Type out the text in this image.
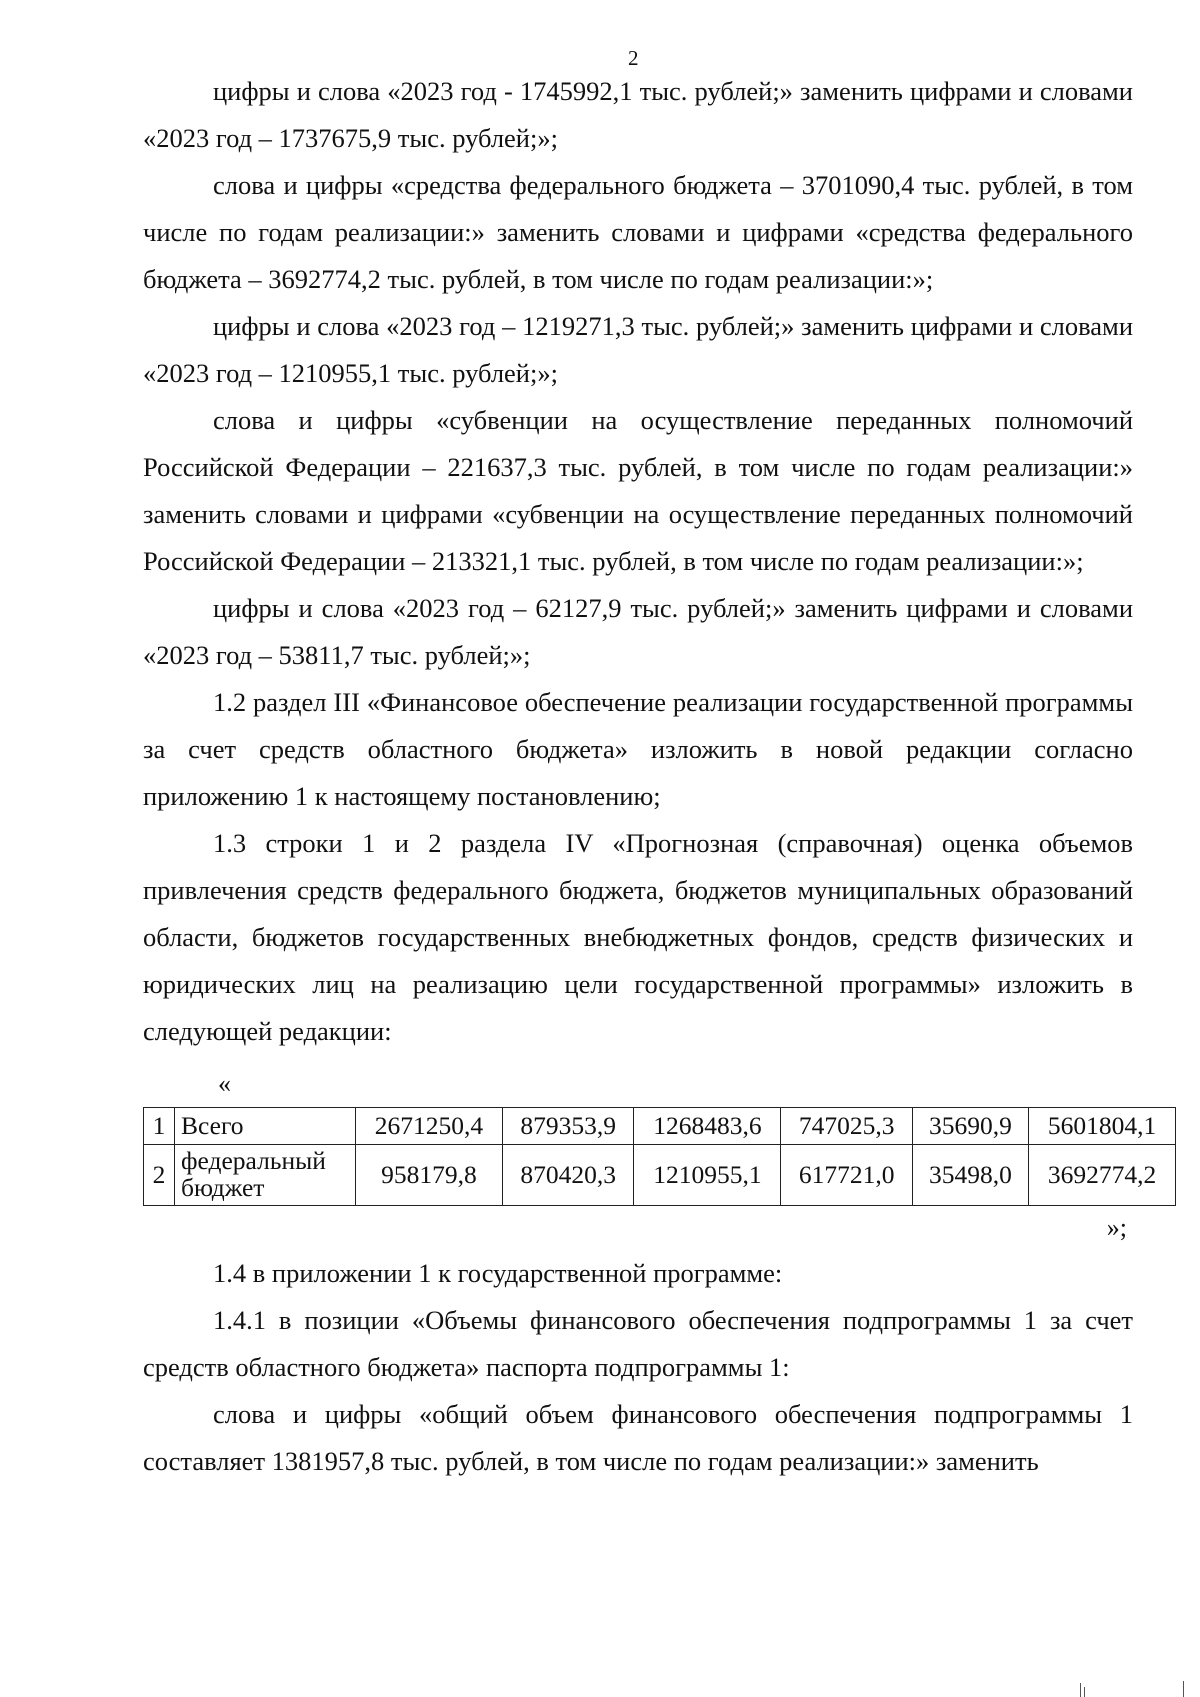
2

цифры и слова «2023 год - 1745992,1 тыс. рублей;» заменить цифрами и словами «2023 год – 1737675,9 тыс. рублей;»;

слова и цифры «средства федерального бюджета – 3701090,4 тыс. рублей, в том числе по годам реализации:» заменить словами и цифрами «средства федерального бюджета – 3692774,2 тыс. рублей, в том числе по годам реализации:»;

цифры и слова «2023 год – 1219271,3 тыс. рублей;» заменить цифрами и словами «2023 год – 1210955,1 тыс. рублей;»;

слова и цифры «субвенции на осуществление переданных полномочий Российской Федерации – 221637,3 тыс. рублей, в том числе по годам реализации:» заменить словами и цифрами «субвенции на осуществление переданных полномочий Российской Федерации – 213321,1 тыс. рублей, в том числе по годам реализации:»;

цифры и слова «2023 год – 62127,9 тыс. рублей;» заменить цифрами и словами «2023 год – 53811,7 тыс. рублей;»;

1.2 раздел III «Финансовое обеспечение реализации государственной программы за счет средств областного бюджета» изложить в новой редакции согласно приложению 1 к настоящему постановлению;

1.3 строки 1 и 2 раздела IV «Прогнозная (справочная) оценка объемов привлечения средств федерального бюджета, бюджетов муниципальных образований области, бюджетов государственных внебюджетных фондов, средств физических и юридических лиц на реализацию цели государственной программы» изложить в следующей редакции:

«
1	Всего	2671250,4	879353,9	1268483,6	747025,3	35690,9	5601804,1
2	федеральный бюджет	958179,8	870420,3	1210955,1	617721,0	35498,0	3692774,2
»;

1.4 в приложении 1 к государственной программе:

1.4.1 в позиции «Объемы финансового обеспечения подпрограммы 1 за счет средств областного бюджета» паспорта подпрограммы 1:

слова и цифры «общий объем финансового обеспечения подпрограммы 1 составляет 1381957,8 тыс. рублей, в том числе по годам реализации:» заменить
